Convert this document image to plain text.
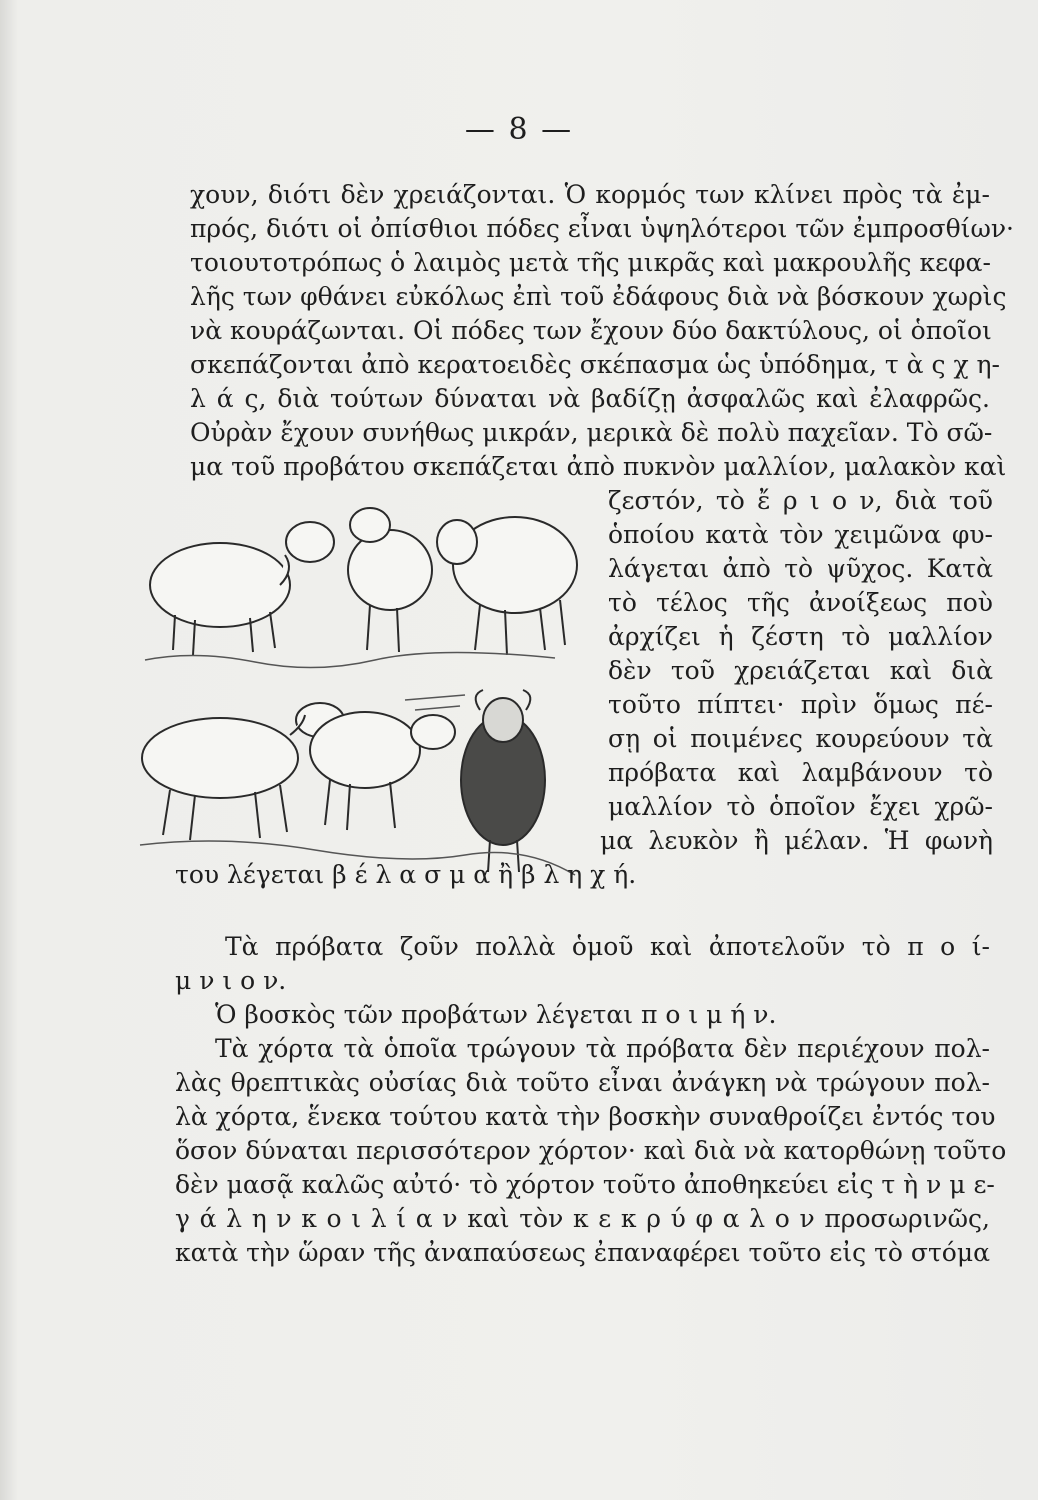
— 8 —
χουν, διότι δὲν χρειάζονται. Ὁ κορμός των κλίνει πρὸς τὰ ἐμ-
πρός, διότι οἱ ὀπίσθιοι πόδες εἶναι ὑψηλότεροι τῶν ἐμπροσθίων·
τοιουτοτρόπως ὁ λαιμὸς μετὰ τῆς μικρᾶς καὶ μακρουλῆς κεφα-
λῆς των φθάνει εὐκόλως ἐπὶ τοῦ ἐδάφους διὰ νὰ βόσκουν χωρὶς
νὰ κουράζωνται. Οἱ πόδες των ἔχουν δύο δακτύλους, οἱ ὁποῖοι
σκεπάζονται ἀπὸ κερατοειδὲς σκέπασμα ὡς ὑπόδημα, τ ὰ ς χ η-
λ ά ς, διὰ τούτων δύναται νὰ βαδίζῃ ἀσφαλῶς καὶ ἐλαφρῶς.
Οὐρὰν ἔχουν συνήθως μικράν, μερικὰ δὲ πολὺ παχεῖαν. Τὸ σῶ-
μα τοῦ προβάτου σκεπάζεται ἀπὸ πυκνὸν μαλλίον, μαλακὸν καὶ
ζεστόν, τὸ ἔ ρ ι ο ν, διὰ τοῦ
ὁποίου κατὰ τὸν χειμῶνα φυ-
λάγεται ἀπὸ τὸ ψῦχος. Κατὰ
τὸ τέλος τῆς ἀνοίξεως ποὺ
ἀρχίζει ἡ ζέστη τὸ μαλλίον
δὲν τοῦ χρειάζεται καὶ διὰ
τοῦτο πίπτει· πρὶν ὅμως πέ-
σῃ οἱ ποιμένες κουρεύουν τὰ
πρόβατα καὶ λαμβάνουν τὸ
μαλλίον τὸ ὁποῖον ἔχει χρῶ-
μα λευκὸν ἢ μέλαν. Ἡ φωνὴ
του λέγεται β έ λ α σ μ α ἢ β λ η χ ή.
Τὰ πρόβατα ζοῦν πολλὰ ὁμοῦ καὶ ἀποτελοῦν τὸ π ο ί-
μ ν ι ο ν.
Ὁ βοσκὸς τῶν προβάτων λέγεται π ο ι μ ή ν.
Τὰ χόρτα τὰ ὁποῖα τρώγουν τὰ πρόβατα δὲν περιέχουν πολ-
λὰς θρεπτικὰς οὐσίας διὰ τοῦτο εἶναι ἀνάγκη νὰ τρώγουν πολ-
λὰ χόρτα, ἕνεκα τούτου κατὰ τὴν βοσκὴν συναθροίζει ἐντός του
ὅσον δύναται περισσότερον χόρτον· καὶ διὰ νὰ κατορθώνῃ τοῦτο
δὲν μασᾷ καλῶς αὐτό· τὸ χόρτον τοῦτο ἀποθηκεύει εἰς τ ὴ ν μ ε-
γ ά λ η ν κ ο ι λ ί α ν καὶ τὸν κ ε κ ρ ύ φ α λ ο ν προσωρινῶς,
κατὰ τὴν ὥραν τῆς ἀναπαύσεως ἐπαναφέρει τοῦτο εἰς τὸ στόμα
